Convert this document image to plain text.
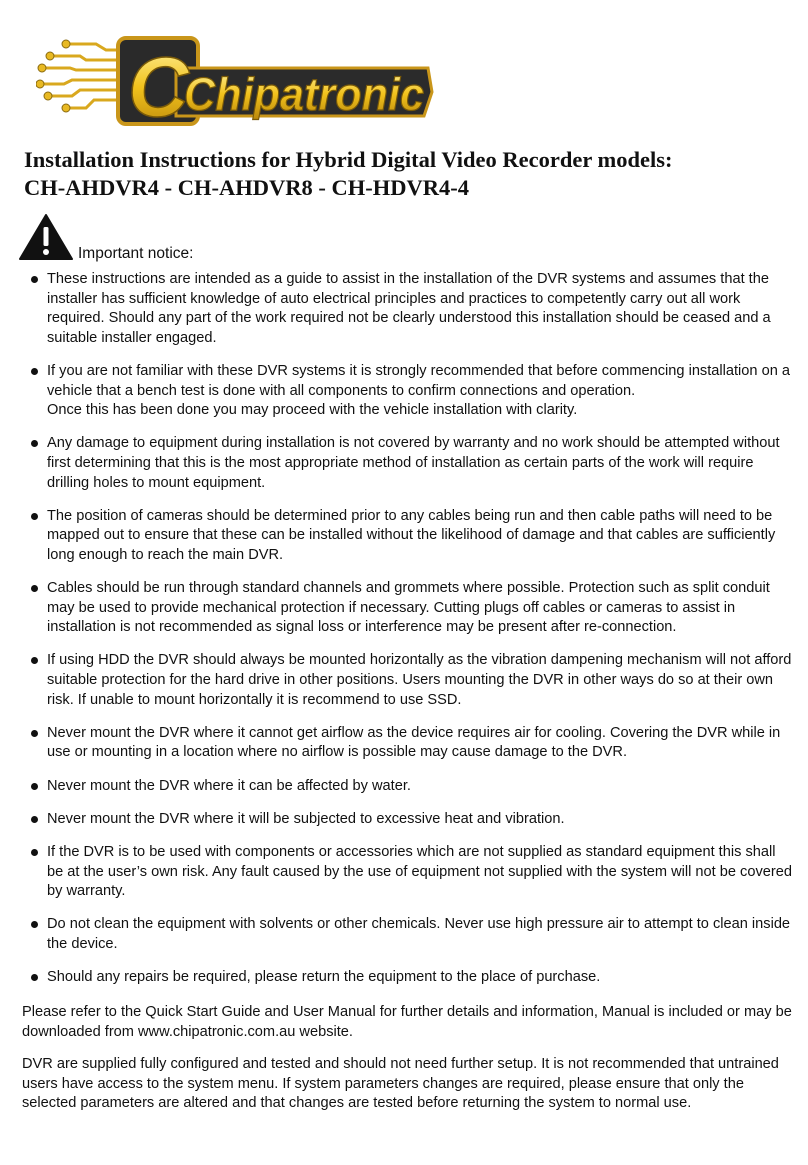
C
Chipatronic
Installation Instructions for Hybrid Digital Video Recorder models:
CH-AHDVR4 - CH-AHDVR8 - CH-HDVR4-4
Important notice:
These instructions are intended as a guide to assist in the installation of the DVR systems and assumes that the installer has sufficient knowledge of auto electrical principles and practices to competently carry out all work required. Should any part of the work required not be clearly understood this installation should be ceased and a suitable installer engaged.
If you are not familiar with these DVR systems it is strongly recommended that before commencing installation on a vehicle that a bench test is done with all components to confirm connections and operation.
Once this has been done you may proceed with the vehicle installation with clarity.
Any damage to equipment during installation is not covered by warranty and no work should be attempted without first determining that this is the most appropriate method of installation as certain parts of the work will require drilling holes to mount equipment.
The position of cameras should be determined prior to any cables being run and then cable paths will need to be mapped out to ensure that these can be installed without the likelihood of damage and that cables are sufficiently long enough to reach the main DVR.
Cables should be run through standard channels and grommets where possible. Protection such as split conduit may be used to provide mechanical protection if necessary. Cutting plugs off cables or cameras to assist in installation is not recommended as signal loss or interference may be present after re-connection.
If using HDD the DVR should always be mounted horizontally as the vibration dampening mechanism will not afford suitable protection for the hard drive in other positions. Users mounting the DVR in other ways do so at their own risk. If unable to mount horizontally it is recommend to use SSD.
Never mount the DVR where it cannot get airflow as the device requires air for cooling. Covering the DVR while in use or mounting in a location where no airflow is possible may cause damage to the DVR.
Never mount the DVR where it can be affected by water.
Never mount the DVR where it will be subjected to excessive heat and vibration.
If the DVR is to be used with components or accessories which are not supplied as standard equipment this shall be at the user’s own risk. Any fault caused by the use of equipment not supplied with the system will not be covered by warranty.
Do not clean the equipment with solvents or other chemicals. Never use high pressure air to attempt to clean inside the device.
Should any repairs be required, please return the equipment to the place of purchase.

Please refer to the Quick Start Guide and User Manual for further details and information, Manual is included or may be downloaded from www.chipatronic.com.au website.

DVR are supplied fully configured and tested and should not need further setup. It is not recommended that untrained users have access to the system menu. If system parameters changes are required, please ensure that only the selected parameters are altered and that changes are tested before returning the system to normal use.
